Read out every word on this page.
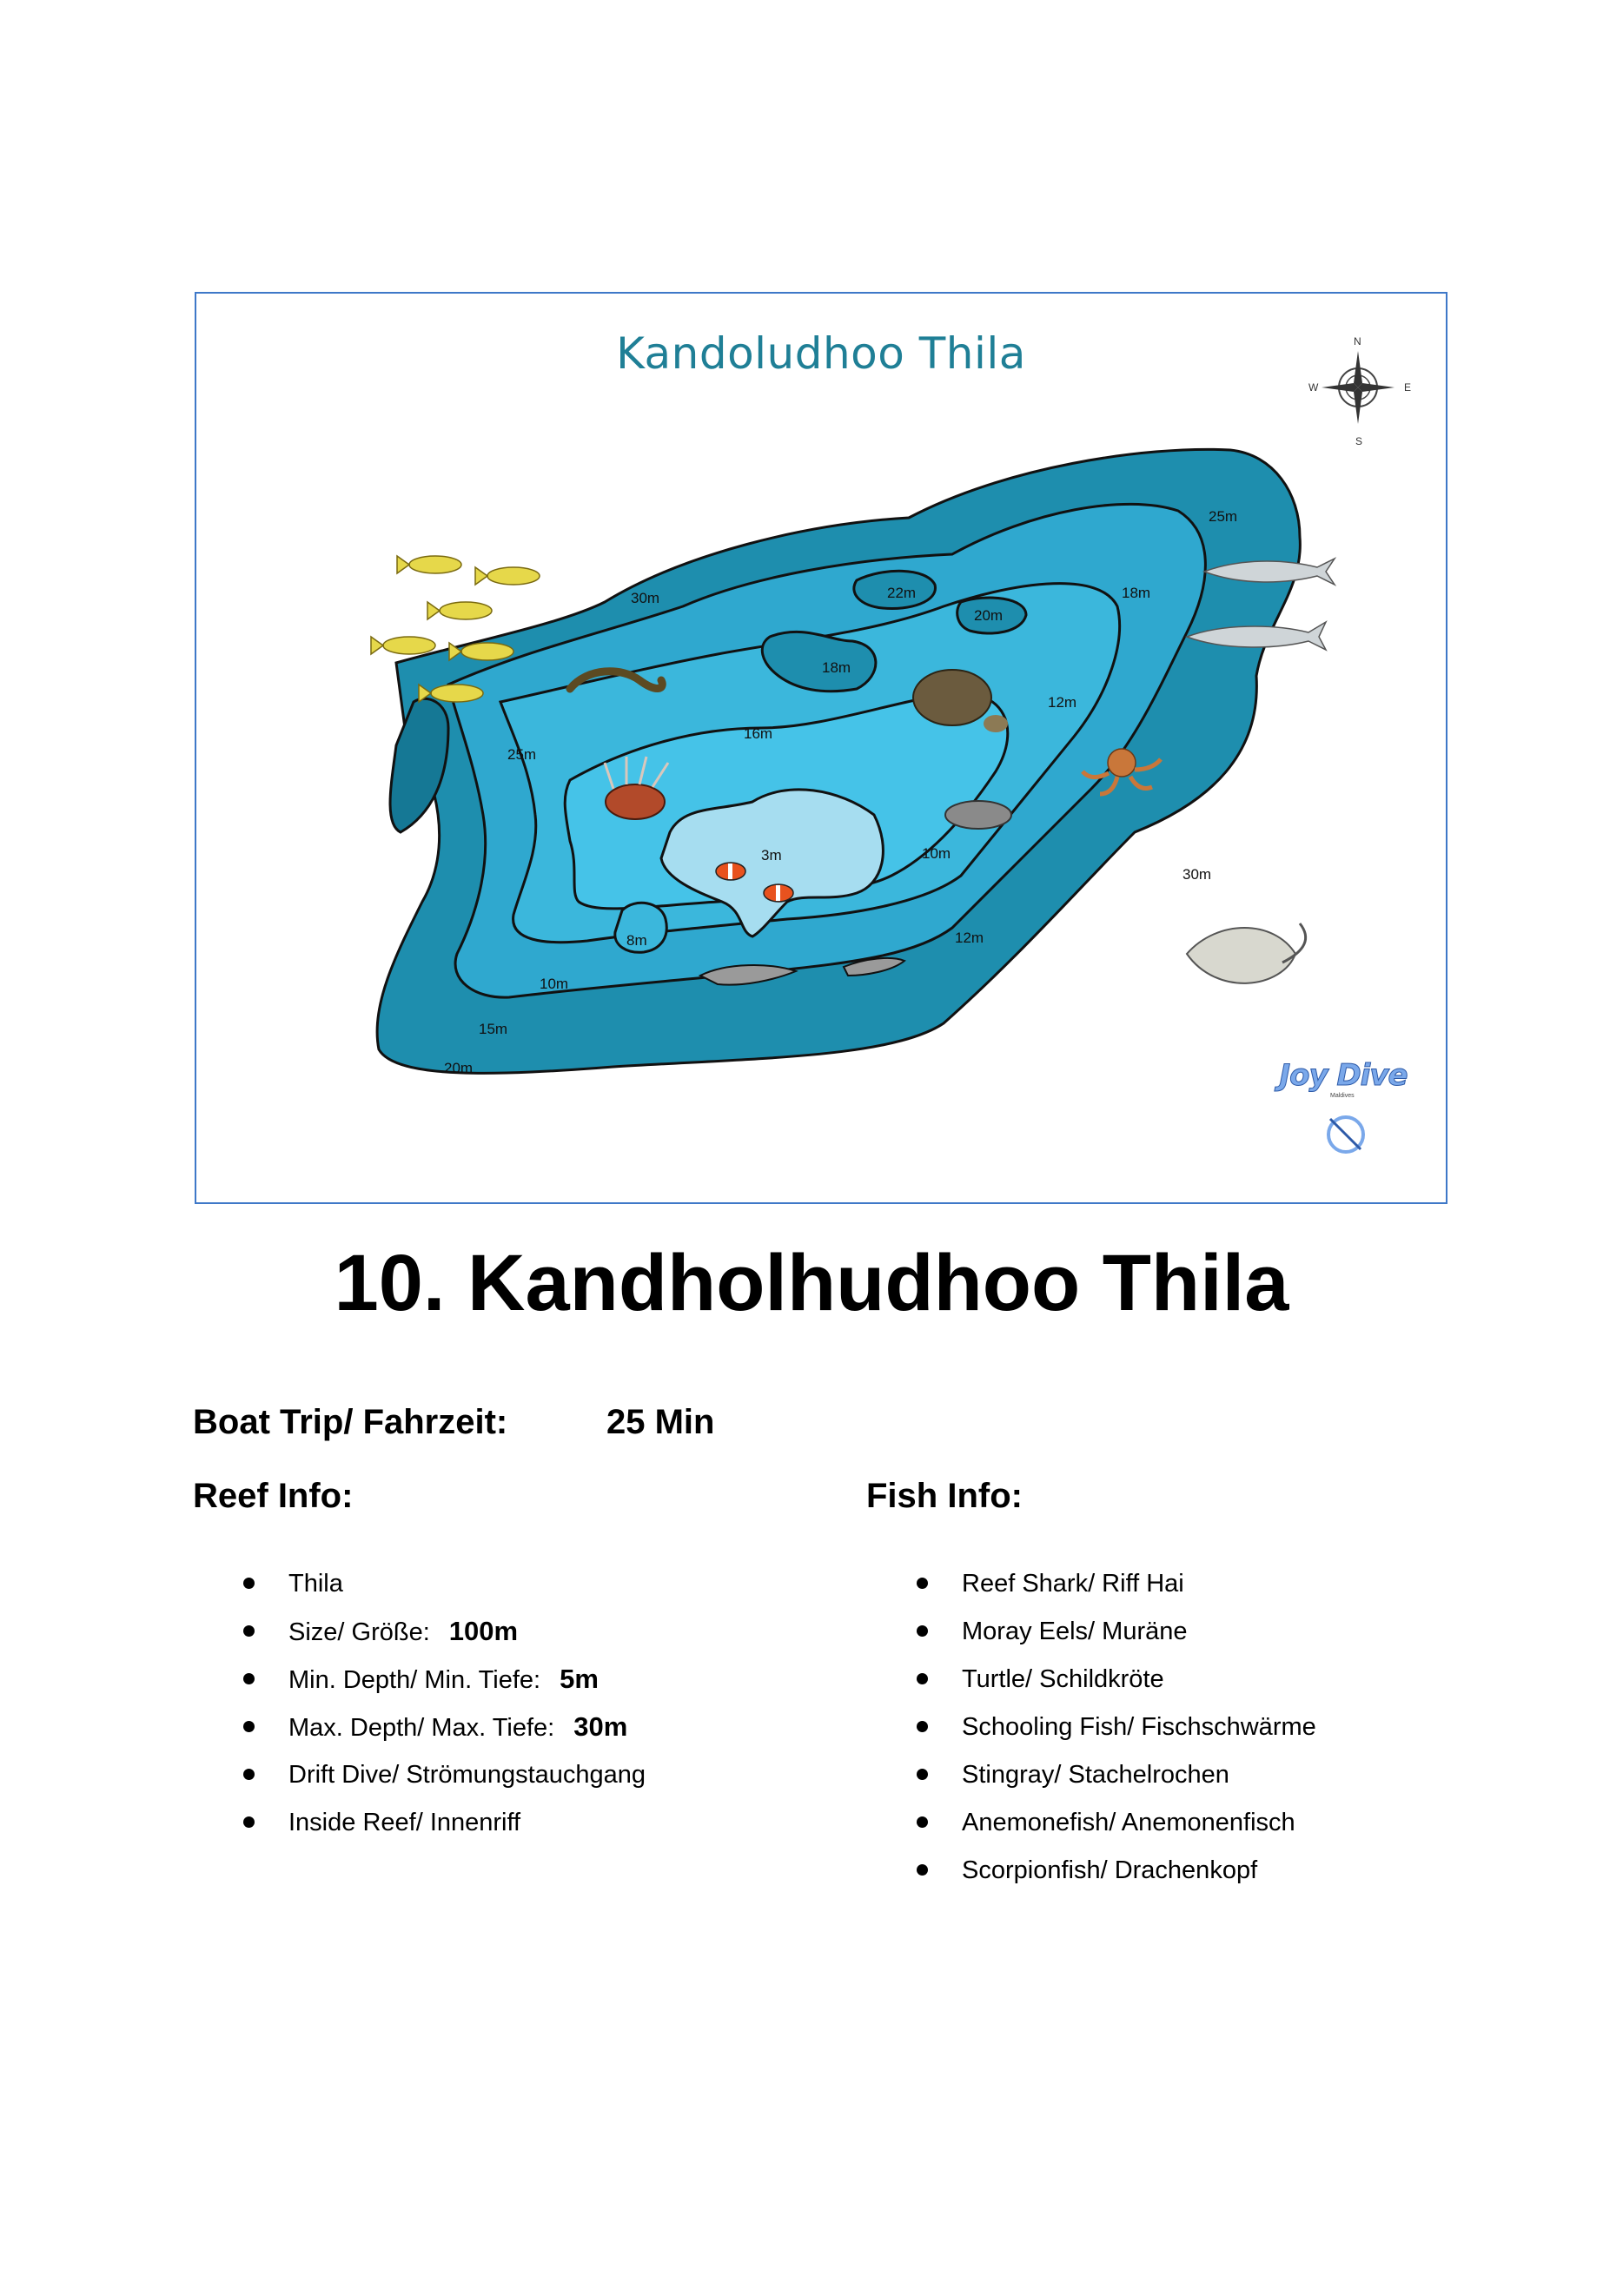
Kandoludhoo Thila
30m
25m
18m
22m
20m
18m
16m
12m
25m
10m
3m
8m	12m
10m
15m
20m
30m
N
W	E
S
Joy Dive
Maldives
10. Kandholhudhoo Thila
Boat Trip/ Fahrzeit:	25 Min
Reef Info:	Fish Info:
Thila
Size/ Größe: 100m
Min. Depth/ Min. Tiefe: 5m
Max. Depth/ Max. Tiefe: 30m
Drift Dive/ Strömungstauchgang
Inside Reef/ Innenriff
Reef Shark/ Riff Hai
Moray Eels/ Muräne
Turtle/ Schildkröte
Schooling Fish/ Fischschwärme
Stingray/ Stachelrochen
Anemonefish/ Anemonenfisch
Scorpionfish/ Drachenkopf
